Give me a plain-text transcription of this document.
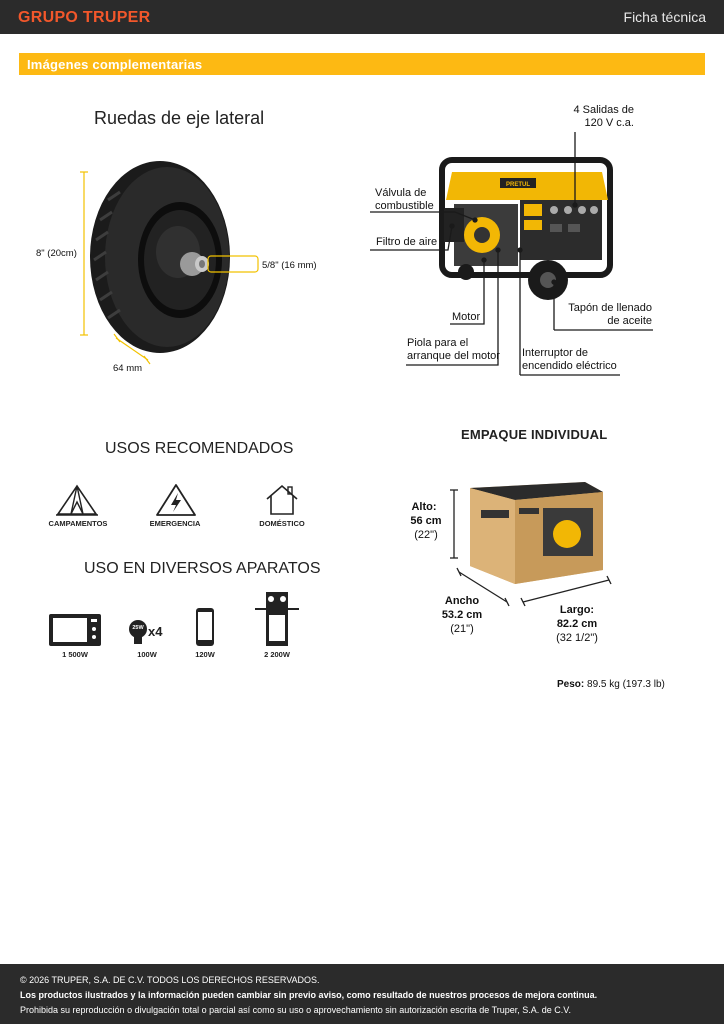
GRUPO TRUPER	Ficha técnica
Imágenes complementarias
Ruedas de eje lateral
8" (20cm)
5/8" (16 mm)
64 mm
PRETUL
4 Salidas de
120 V c.a.
Válvula de
combustible
Filtro de aire
Tapón de llenado
de aceite
Motor
Piola para el
arranque del motor Interruptor de
encendido eléctrico
USOS RECOMENDADOS
CAMPAMENTOS	EMERGENCIA	DOMÉSTICO
USO EN DIVERSOS APARATOS
1 500W
25W x4
100W	120W	2 200W
EMPAQUE INDIVIDUAL
Alto:
56 cm
(22")
Ancho
53.2 cm
(21")
Largo:
82.2 cm
(32 1/2")
Peso: 89.5 kg (197.3 lb)
© 2026 TRUPER, S.A. DE C.V. TODOS LOS DERECHOS RESERVADOS.
Los productos ilustrados y la información pueden cambiar sin previo aviso, como resultado de nuestros procesos de mejora continua.
Prohibida su reproducción o divulgación total o parcial así como su uso o aprovechamiento sin autorización escrita de Truper, S.A. de C.V.
